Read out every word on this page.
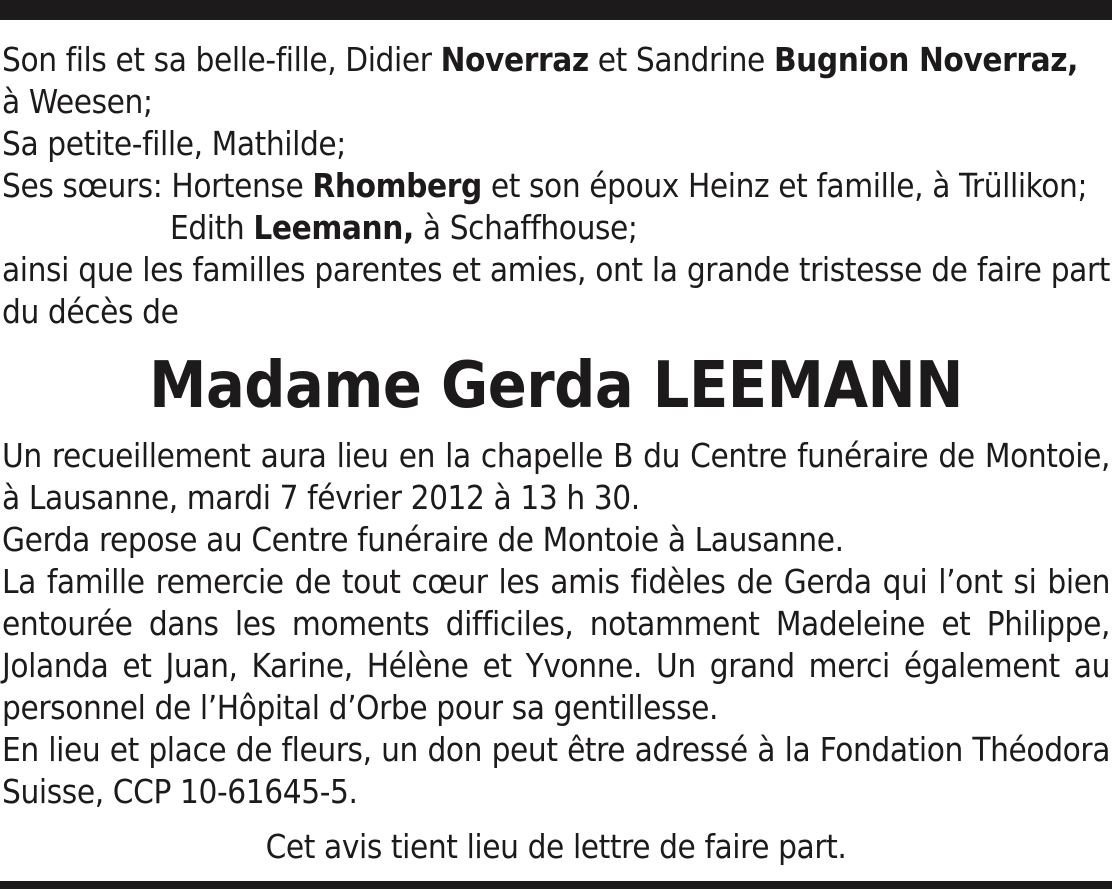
Son fils et sa belle-fille, Didier Noverraz et Sandrine Bugnion Noverraz,
à Weesen;
Sa petite-fille, Mathilde;
Ses sœurs: Hortense Rhomberg et son époux Heinz et famille, à Trüllikon;
Edith Leemann, à Schaffhouse;
ainsi que les familles parentes et amies, ont la grande tristesse de faire part du décès de
Madame Gerda LEEMANN
Un recueillement aura lieu en la chapelle B du Centre funéraire de Montoie, à Lausanne, mardi 7 février 2012 à 13 h 30.
Gerda repose au Centre funéraire de Montoie à Lausanne.
La famille remercie de tout cœur les amis fidèles de Gerda qui l’ont si bien entourée dans les moments difficiles, notamment Madeleine et Philippe, Jolanda et Juan, Karine, Hélène et Yvonne. Un grand merci également au personnel de l’Hôpital d’Orbe pour sa gentillesse.
En lieu et place de fleurs, un don peut être adressé à la Fondation Théodora Suisse, CCP 10-61645-5.
Cet avis tient lieu de lettre de faire part.
